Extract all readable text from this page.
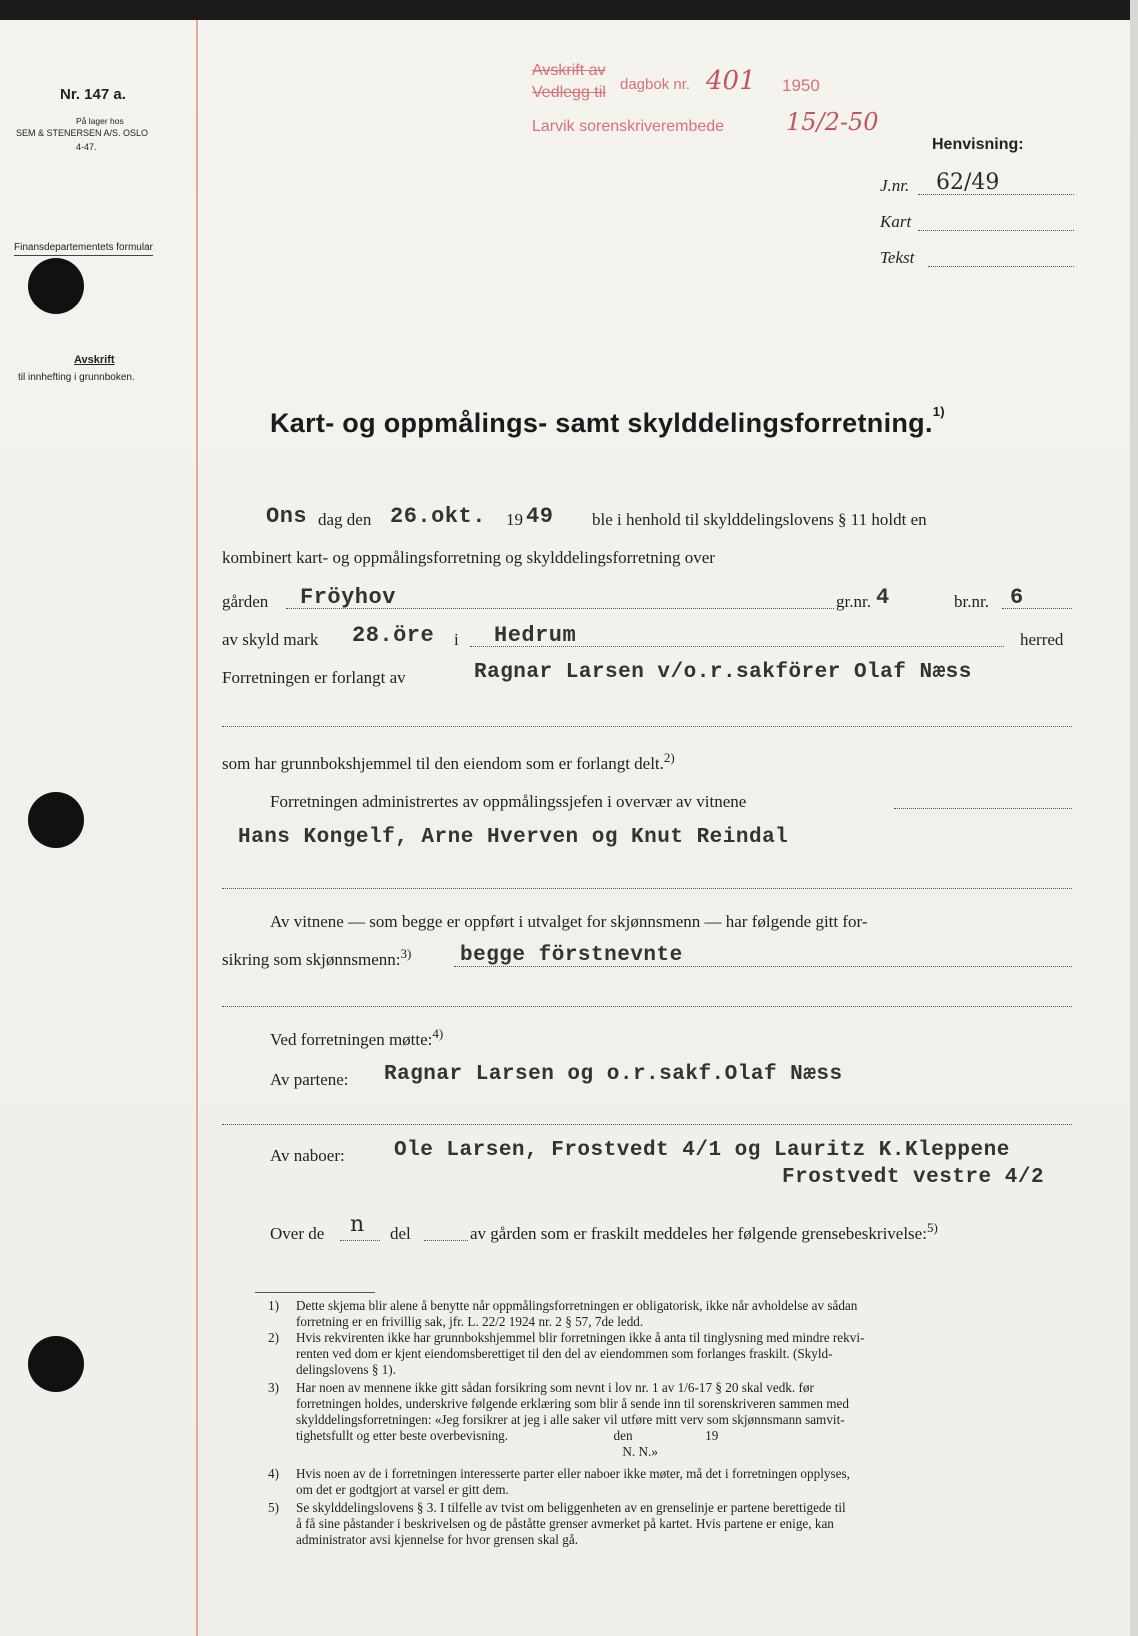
Nr. 147 a.
På lager hos
SEM & STENERSEN A/S. OSLO
4-47.
Finansdepartementets formular
Avskrift
til innhefting i grunnboken.
Avskrift av
Vedlegg til dagbok nr. 401 1950
Larvik sorenskriverembede	15/2-50
Henvisning:
J.nr. 62/49
Kart
Tekst
Kart- og oppmålings- samt skylddelingsforretning.$^{1)}$
Ons dag den 26.okt. 19 49 ble i henhold til skylddelingslovens § 11 holdt en
kombinert kart- og oppmålingsforretning og skylddelingsforretning over
gården Fröyhov	gr.nr. 4	br.nr. 6
av skyld mark 28.öre i Hedrum	herred
Forretningen er forlangt av	Ragnar Larsen v/o.r.sakförer Olaf Næss
som har grunnbokshjemmel til den eiendom som er forlangt delt.$^{2)}$
Forretningen administrertes av oppmålingssjefen i overvær av vitnene
Hans Kongelf, Arne Hverven og Knut Reindal
Av vitnene — som begge er oppført i utvalget for skjønnsmenn — har følgende gitt for-
sikring som skjønnsmenn:$^{3)}$ begge förstnevnte
Ved forretningen møtte:$^{4)}$
Av partene: Ragnar Larsen og o.r.sakf.Olaf Næss
Av naboer: Ole Larsen, Frostvedt 4/1 og Lauritz K.Kleppene
Frostvedt vestre 4/2
Over de n del	av gården som er fraskilt meddeles her følgende grensebeskrivelse:$^{5)}$
1) Dette skjema blir alene å benytte når oppmålingsforretningen er obligatorisk, ikke når avholdelse av sådan
forretning er en frivillig sak, jfr. L. 22/2 1924 nr. 2 § 57, 7de ledd.
2) Hvis rekvirenten ikke har grunnbokshjemmel blir forretningen ikke å anta til tinglysning med mindre rekvi-
renten ved dom er kjent eiendomsberettiget til den del av eiendommen som forlanges fraskilt. (Skyld-
delingslovens § 1).
3) Har noen av mennene ikke gitt sådan forsikring som nevnt i lov nr. 1 av 1/6-17 § 20 skal vedk. før
forretningen holdes, underskrive følgende erklæring som blir å sende inn til sorenskriveren sammen med
skylddelingsforretningen: «Jeg forsikrer at jeg i alle saker vil utføre mitt verv som skjønnsmann samvit-
tighetsfullt og etter beste overbevisning.                                den                      19
N. N.»
4) Hvis noen av de i forretningen interesserte parter eller naboer ikke møter, må det i forretningen opplyses,
om det er godtgjort at varsel er gitt dem.
5) Se skylddelingslovens § 3. I tilfelle av tvist om beliggenheten av en grenselinje er partene berettigede til
å få sine påstander i beskrivelsen og de påståtte grenser avmerket på kartet. Hvis partene er enige, kan
administrator avsi kjennelse for hvor grensen skal gå.
